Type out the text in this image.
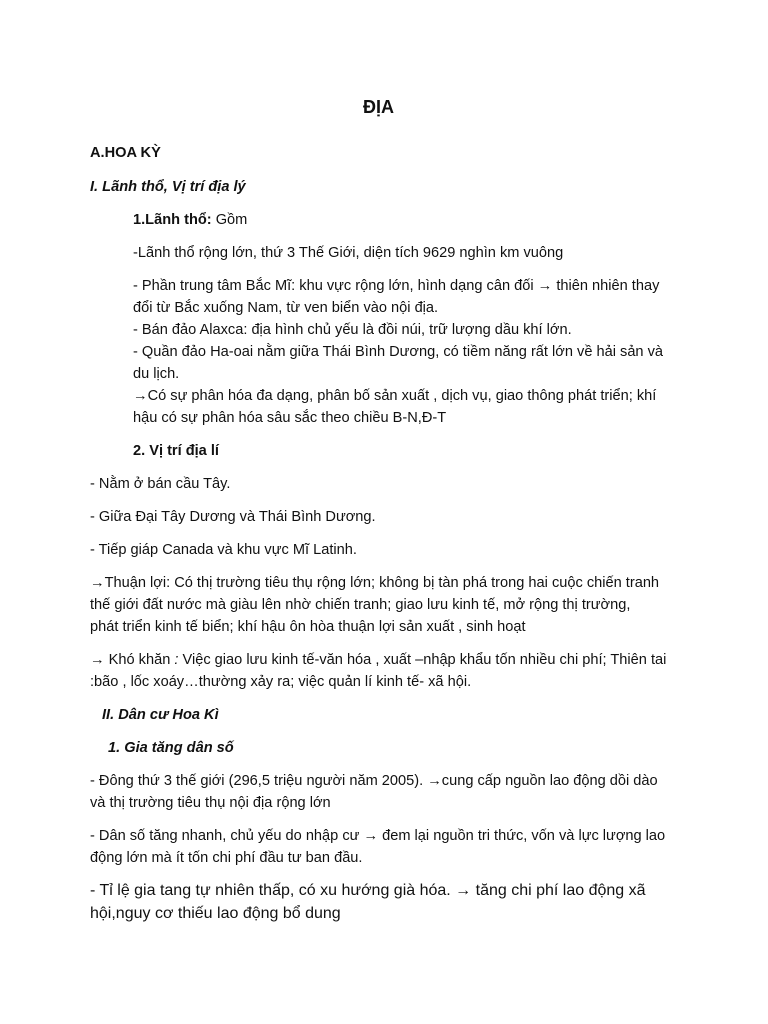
ĐỊA
A.HOA KỲ
I. Lãnh thổ, Vị trí địa lý
1.Lãnh thổ: Gồm
-Lãnh thổ rộng lớn, thứ 3 Thế Giới, diện tích 9629 nghìn km vuông
- Phần trung tâm Bắc Mĩ: khu vực rộng lớn, hình dạng cân đối → thiên nhiên thay
đổi từ Bắc xuống Nam, từ ven biển vào nội địa.
- Bán đảo Alaxca: địa hình chủ yếu là đồi núi, trữ lượng dầu khí lớn.
- Quần đảo Ha-oai nằm giữa Thái Bình Dương, có tiềm năng rất lớn về hải sản và
du lịch.
→Có sự phân hóa đa dạng, phân bố sản xuất , dịch vụ, giao thông phát triển; khí
hậu có sự phân hóa sâu sắc theo chiều B-N,Đ-T
2. Vị trí địa lí
- Nằm ở bán cầu Tây.
- Giữa Đại Tây Dương và Thái Bình Dương.
- Tiếp giáp Canada và khu vực Mĩ Latinh.
→Thuận lợi: Có thị trường tiêu thụ rộng lớn; không bị tàn phá trong hai cuộc chiến tranh
thế giới đất nước mà giàu lên nhờ chiến tranh; giao lưu kinh tế, mở rộng thị trường,
phát triển kinh tế biển; khí hậu ôn hòa thuận lợi sản xuất , sinh hoạt
→ Khó khăn : Việc giao lưu kinh tế-văn hóa , xuất –nhập khẩu tốn nhiều chi phí; Thiên tai
:bão , lốc xoáy…thường xảy ra; việc quản lí kinh tế- xã hội.
II. Dân cư Hoa Kì
1. Gia tăng dân số
- Đông thứ 3 thế giới (296,5 triệu người năm 2005). →cung cấp nguồn lao động dồi dào
và thị trường tiêu thụ nội địa rộng lớn
- Dân số tăng nhanh, chủ yếu do nhập cư → đem lại nguồn tri thức, vốn và lực lượng lao
động lớn mà ít tốn chi phí đầu tư ban đầu.
- Tỉ lệ gia tang tự nhiên thấp, có xu hướng già hóa. → tăng chi phí lao động xã
hội,nguy cơ thiếu lao động bổ dung
